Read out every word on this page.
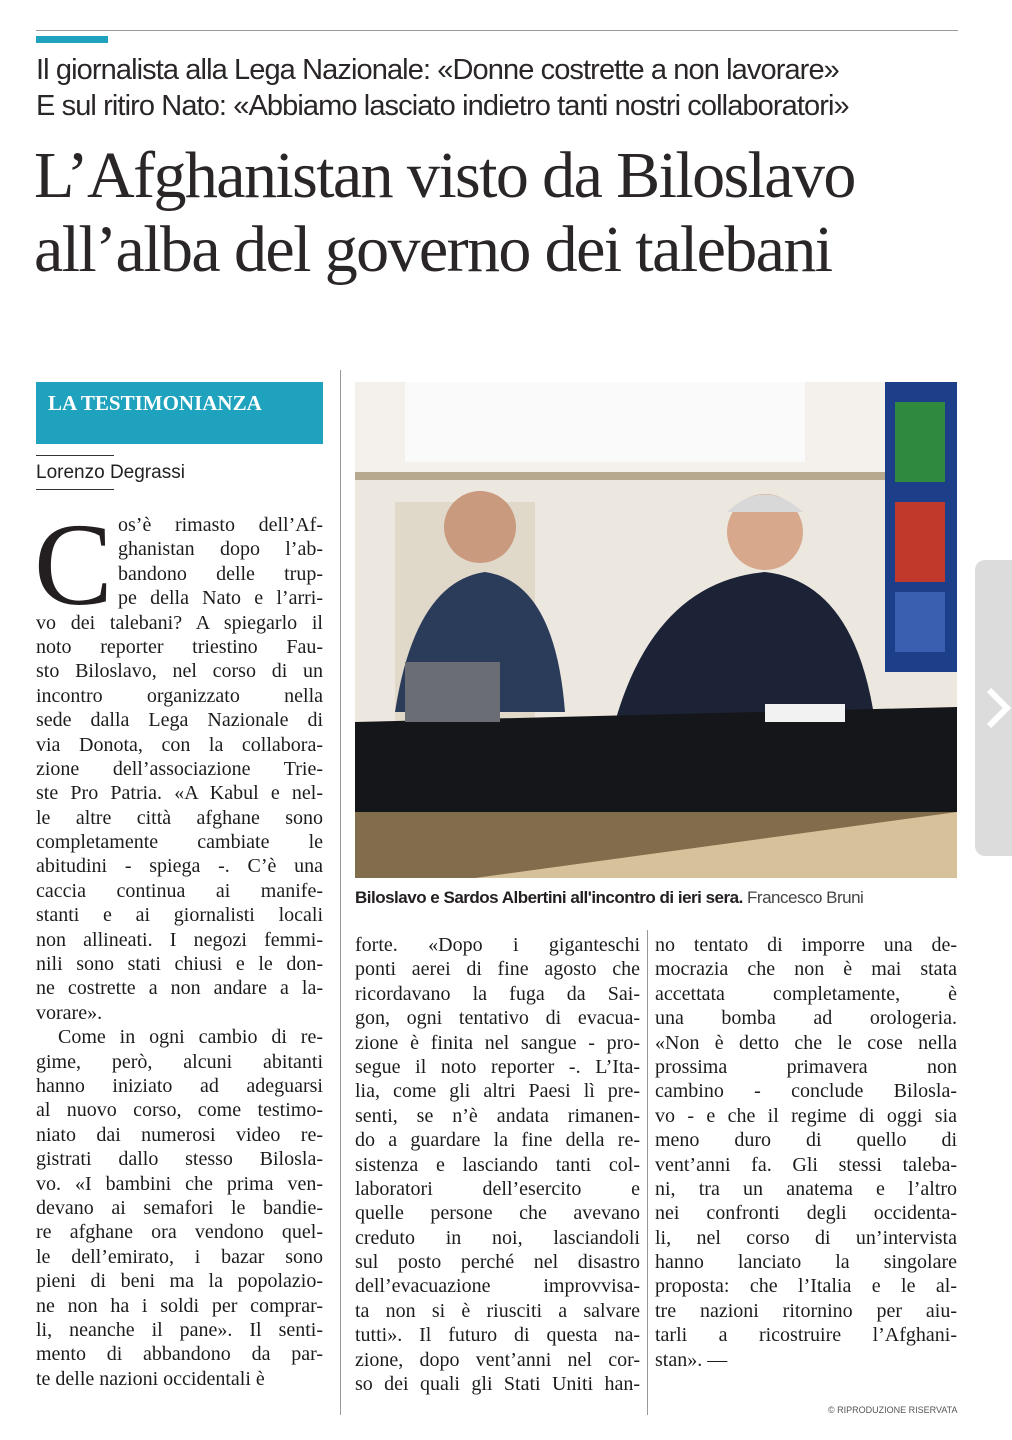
Il giornalista alla Lega Nazionale: «Donne costrette a non lavorare»
E sul ritiro Nato: «Abbiamo lasciato indietro tanti nostri collaboratori»
L’Afghanistan visto da Biloslavo
all’alba del governo dei talebani
LA TESTIMONIANZA
Lorenzo Degrassi
C os’è rimasto dell’Af-
ghanistan dopo l’ab-
bandono delle trup-
pe della Nato e l’arri-
vo dei talebani? A spiegarlo il
noto reporter triestino Fau-
sto Biloslavo, nel corso di un
incontro organizzato nella
sede dalla Lega Nazionale di
via Donota, con la collabora-
zione dell’associazione Trie-
ste Pro Patria. «A Kabul e nel-
le altre città afghane sono
completamente cambiate le
abitudini - spiega -. C’è una
caccia continua ai manife-
stanti e ai giornalisti locali
non allineati. I negozi femmi-
nili sono stati chiusi e le don-
ne costrette a non andare a la-
vorare».
Come in ogni cambio di re-
gime, però, alcuni abitanti
hanno iniziato ad adeguarsi
al nuovo corso, come testimo-
niato dai numerosi video re-
gistrati dallo stesso Bilosla-
vo. «I bambini che prima ven-
devano ai semafori le bandie-
re afghane ora vendono quel-
le dell’emirato, i bazar sono
pieni di beni ma la popolazio-
ne non ha i soldi per comprar-
li, neanche il pane». Il senti-
mento di abbandono da par-
te delle nazioni occidentali è
forte. «Dopo i giganteschi
ponti aerei di fine agosto che
ricordavano la fuga da Sai-
gon, ogni tentativo di evacua-
zione è finita nel sangue - pro-
segue il noto reporter -. L’Ita-
lia, come gli altri Paesi lì pre-
senti, se n’è andata rimanen-
do a guardare la fine della re-
sistenza e lasciando tanti col-
laboratori dell’esercito e
quelle persone che avevano
creduto in noi, lasciandoli
sul posto perché nel disastro
dell’evacuazione improvvisa-
ta non si è riusciti a salvare
tutti». Il futuro di questa na-
zione, dopo vent’anni nel cor-
so dei quali gli Stati Uniti han-
no tentato di imporre una de-
mocrazia che non è mai stata
accettata completamente, è
una bomba ad orologeria.
«Non è detto che le cose nella
prossima primavera non
cambino - conclude Bilosla-
vo - e che il regime di oggi sia
meno duro di quello di
vent’anni fa. Gli stessi taleba-
ni, tra un anatema e l’altro
nei confronti degli occidenta-
li, nel corso di un’intervista
hanno lanciato la singolare
proposta: che l’Italia e le al-
tre nazioni ritornino per aiu-
tarli a ricostruire l’Afghani-
stan». —
Biloslavo e Sardos Albertini all'incontro di ieri sera. Francesco Bruni
© RIPRODUZIONE RISERVATA
